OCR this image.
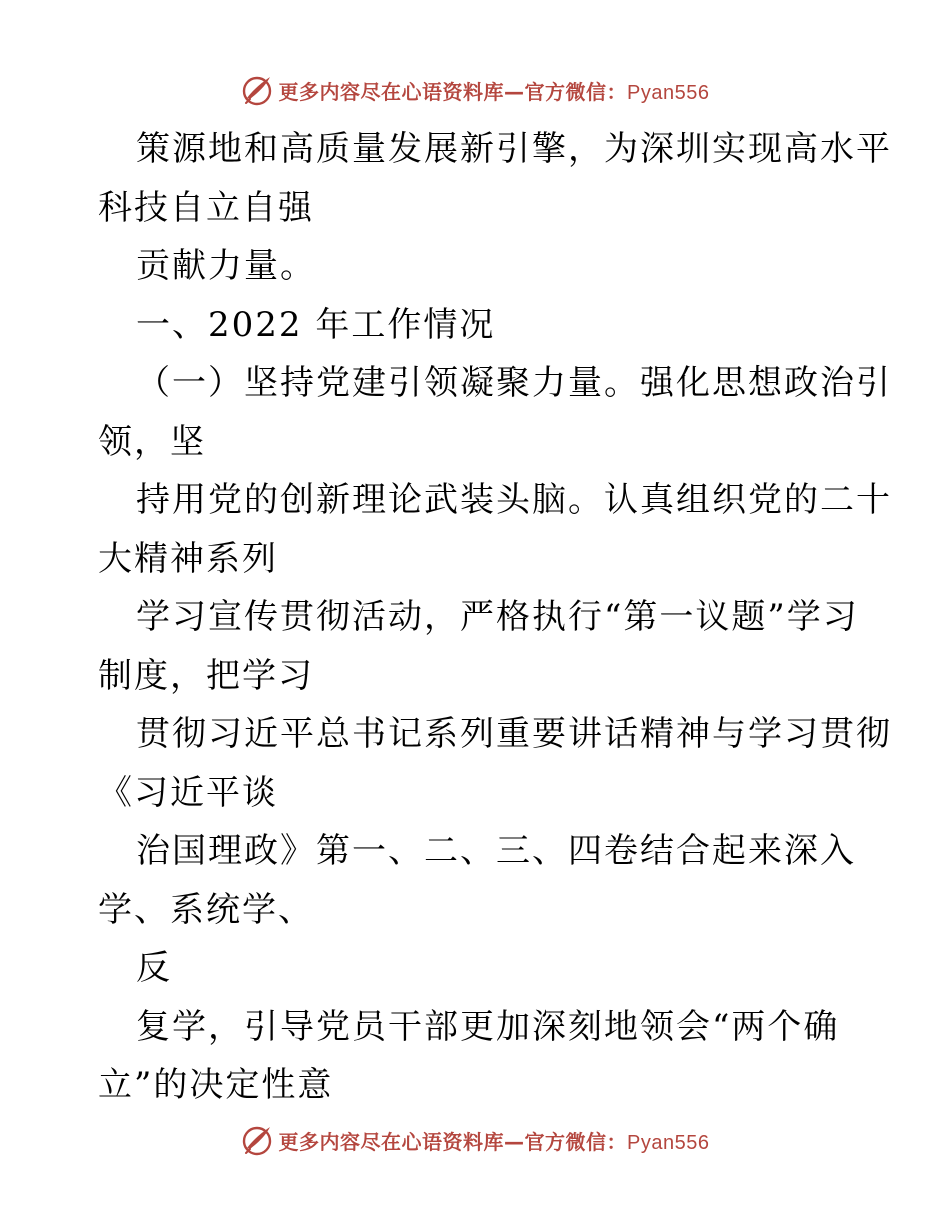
更多内容尽在心语资料库—官方微信：Pyan556
策源地和高质量发展新引擎，为深圳实现高水平
科技自立自强
贡献力量。
一、2022 年工作情况
（一）坚持党建引领凝聚力量。强化思想政治引
领，坚
持用党的创新理论武装头脑。认真组织党的二十
大精神系列
学习宣传贯彻活动，严格执行“第一议题”学习
制度，把学习
贯彻习近平总书记系列重要讲话精神与学习贯彻
《习近平谈
治国理政》第一、二、三、四卷结合起来深入
学、系统学、
反
复学，引导党员干部更加深刻地领会“两个确
立”的决定性意
更多内容尽在心语资料库—官方微信：Pyan556
